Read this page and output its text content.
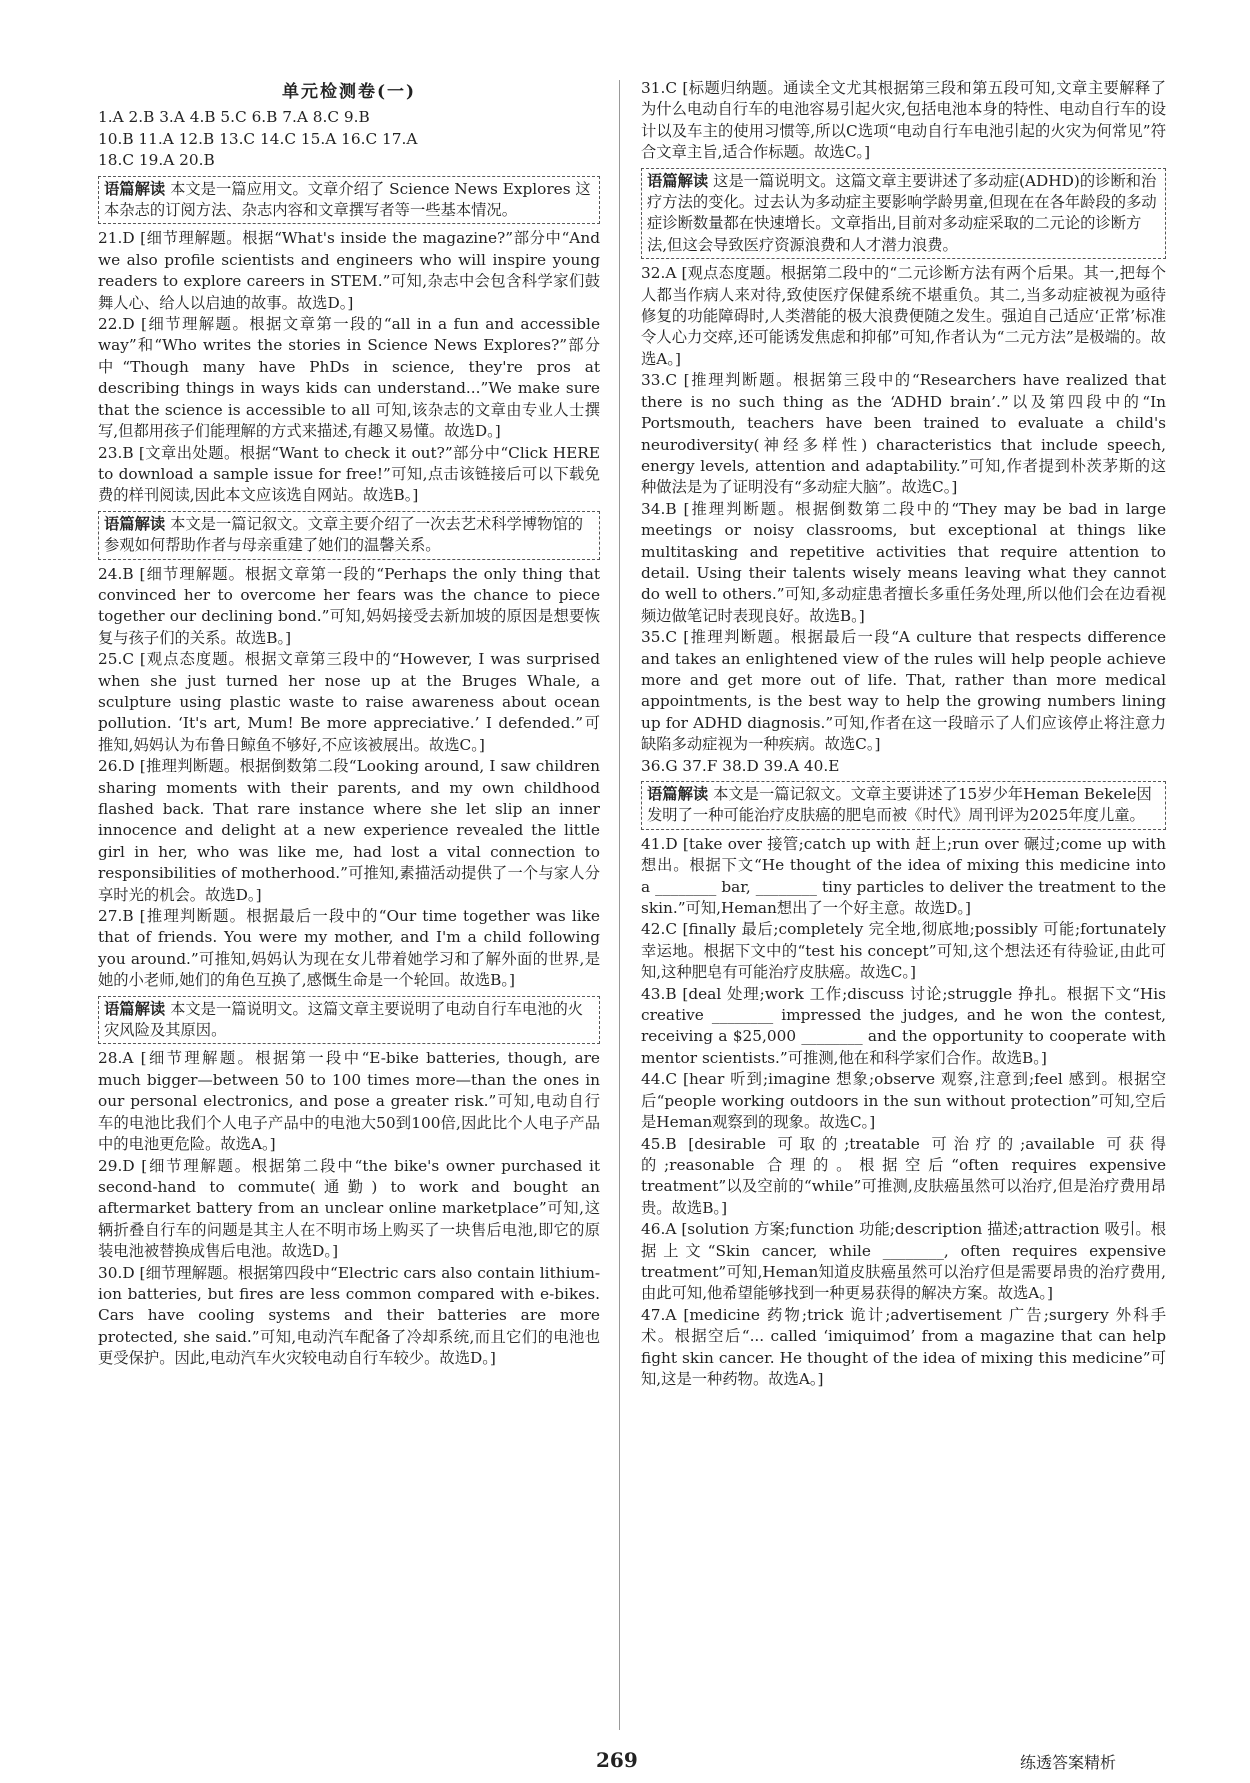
单元检测卷(一)

1.A 2.B 3.A 4.B 5.C 6.B 7.A 8.C 9.B

10.B 11.A 12.B 13.C 14.C 15.A 16.C 17.A

18.C 19.A 20.B

语篇解读 本文是一篇应用文。文章介绍了 Science News Explores 这本杂志的订阅方法、杂志内容和文章撰写者等一些基本情况。
21.D [细节理解题。根据“What's inside the magazine?”部分中“And we also profile scientists and engineers who will inspire young readers to explore careers in STEM.”可知,杂志中会包含科学家们鼓舞人心、给人以启迪的故事。故选D。]
22.D [细节理解题。根据文章第一段的“all in a fun and accessible way”和“Who writes the stories in Science News Explores?”部分中“Though many have PhDs in science, they're pros at describing things in ways kids can understand...”We make sure that the science is accessible to all 可知,该杂志的文章由专业人士撰写,但都用孩子们能理解的方式来描述,有趣又易懂。故选D。]
23.B [文章出处题。根据“Want to check it out?”部分中“Click HERE to download a sample issue for free!”可知,点击该链接后可以下载免费的样刊阅读,因此本文应该选自网站。故选B。]
语篇解读 本文是一篇记叙文。文章主要介绍了一次去艺术科学博物馆的参观如何帮助作者与母亲重建了她们的温馨关系。
24.B [细节理解题。根据文章第一段的“Perhaps the only thing that convinced her to overcome her fears was the chance to piece together our declining bond.”可知,妈妈接受去新加坡的原因是想要恢复与孩子们的关系。故选B。]
25.C [观点态度题。根据文章第三段中的“However, I was surprised when she just turned her nose up at the Bruges Whale, a sculpture using plastic waste to raise awareness about ocean pollution. ‘It's art, Mum! Be more appreciative.’ I defended.”可推知,妈妈认为布鲁日鲸鱼不够好,不应该被展出。故选C。]
26.D [推理判断题。根据倒数第二段“Looking around, I saw children sharing moments with their parents, and my own childhood flashed back. That rare instance where she let slip an inner innocence and delight at a new experience revealed the little girl in her, who was like me, had lost a vital connection to responsibilities of motherhood.”可推知,素描活动提供了一个与家人分享时光的机会。故选D。]
27.B [推理判断题。根据最后一段中的“Our time together was like that of friends. You were my mother, and I'm a child following you around.”可推知,妈妈认为现在女儿带着她学习和了解外面的世界,是她的小老师,她们的角色互换了,感慨生命是一个轮回。故选B。]
语篇解读 本文是一篇说明文。这篇文章主要说明了电动自行车电池的火灾风险及其原因。
28.A [细节理解题。根据第一段中“E-bike batteries, though, are much bigger—between 50 to 100 times more—than the ones in our personal electronics, and pose a greater risk.”可知,电动自行车的电池比我们个人电子产品中的电池大50到100倍,因此比个人电子产品中的电池更危险。故选A。]
29.D [细节理解题。根据第二段中“the bike's owner purchased it second-hand to commute(通勤) to work and bought an aftermarket battery from an unclear online marketplace”可知,这辆折叠自行车的问题是其主人在不明市场上购买了一块售后电池,即它的原装电池被替换成售后电池。故选D。]
30.D [细节理解题。根据第四段中“Electric cars also contain lithium-ion batteries, but fires are less common compared with e-bikes. Cars have cooling systems and their batteries are more protected, she said.”可知,电动汽车配备了冷却系统,而且它们的电池也更受保护。因此,电动汽车火灾较电动自行车较少。故选D。]
31.C [标题归纳题。通读全文尤其根据第三段和第五段可知,文章主要解释了为什么电动自行车的电池容易引起火灾,包括电池本身的特性、电动自行车的设计以及车主的使用习惯等,所以C选项“电动自行车电池引起的火灾为何常见”符合文章主旨,适合作标题。故选C。]
语篇解读 这是一篇说明文。这篇文章主要讲述了多动症(ADHD)的诊断和治疗方法的变化。过去认为多动症主要影响学龄男童,但现在在各年龄段的多动症诊断数量都在快速增长。文章指出,目前对多动症采取的二元论的诊断方法,但这会导致医疗资源浪费和人才潜力浪费。
32.A [观点态度题。根据第二段中的“二元诊断方法有两个后果。其一,把每个人都当作病人来对待,致使医疗保健系统不堪重负。其二,当多动症被视为亟待修复的功能障碍时,人类潜能的极大浪费便随之发生。强迫自己适应‘正常’标准令人心力交瘁,还可能诱发焦虑和抑郁”可知,作者认为“二元方法”是极端的。故选A。]
33.C [推理判断题。根据第三段中的“Researchers have realized that there is no such thing as the ‘ADHD brain’.”以及第四段中的“In Portsmouth, teachers have been trained to evaluate a child's neurodiversity(神经多样性) characteristics that include speech, energy levels, attention and adaptability.”可知,作者提到朴茨茅斯的这种做法是为了证明没有“多动症大脑”。故选C。]
34.B [推理判断题。根据倒数第二段中的“They may be bad in large meetings or noisy classrooms, but exceptional at things like multitasking and repetitive activities that require attention to detail. Using their talents wisely means leaving what they cannot do well to others.”可知,多动症患者擅长多重任务处理,所以他们会在边看视频边做笔记时表现良好。故选B。]
35.C [推理判断题。根据最后一段“A culture that respects difference and takes an enlightened view of the rules will help people achieve more and get more out of life. That, rather than more medical appointments, is the best way to help the growing numbers lining up for ADHD diagnosis.”可知,作者在这一段暗示了人们应该停止将注意力缺陷多动症视为一种疾病。故选C。]
36.G 37.F 38.D 39.A 40.E
语篇解读 本文是一篇记叙文。文章主要讲述了15岁少年Heman Bekele因发明了一种可能治疗皮肤癌的肥皂而被《时代》周刊评为2025年度儿童。
41.D [take over 接管;catch up with 赶上;run over 碾过;come up with 想出。根据下文“He thought of the idea of mixing this medicine into a ________ bar, ________ tiny particles to deliver the treatment to the skin.”可知,Heman想出了一个好主意。故选D。]
42.C [finally 最后;completely 完全地,彻底地;possibly 可能;fortunately 幸运地。根据下文中的“test his concept”可知,这个想法还有待验证,由此可知,这种肥皂有可能治疗皮肤癌。故选C。]
43.B [deal 处理;work 工作;discuss 讨论;struggle 挣扎。根据下文“His creative ________ impressed the judges, and he won the contest, receiving a $25,000 ________ and the opportunity to cooperate with mentor scientists.”可推测,他在和科学家们合作。故选B。]
44.C [hear 听到;imagine 想象;observe 观察,注意到;feel 感到。根据空后“people working outdoors in the sun without protection”可知,空后是Heman观察到的现象。故选C。]
45.B [desirable 可取的;treatable 可治疗的;available 可获得的;reasonable 合理的。根据空后“often requires expensive treatment”以及空前的“while”可推测,皮肤癌虽然可以治疗,但是治疗费用昂贵。故选B。]
46.A [solution 方案;function 功能;description 描述;attraction 吸引。根据上文“Skin cancer, while ________, often requires expensive treatment”可知,Heman知道皮肤癌虽然可以治疗但是需要昂贵的治疗费用,由此可知,他希望能够找到一种更易获得的解决方案。故选A。]
47.A [medicine 药物;trick 诡计;advertisement 广告;surgery 外科手术。根据空后“... called ‘imiquimod’ from a magazine that can help fight skin cancer. He thought of the idea of mixing this medicine”可知,这是一种药物。故选A。]
269	练透答案精析
